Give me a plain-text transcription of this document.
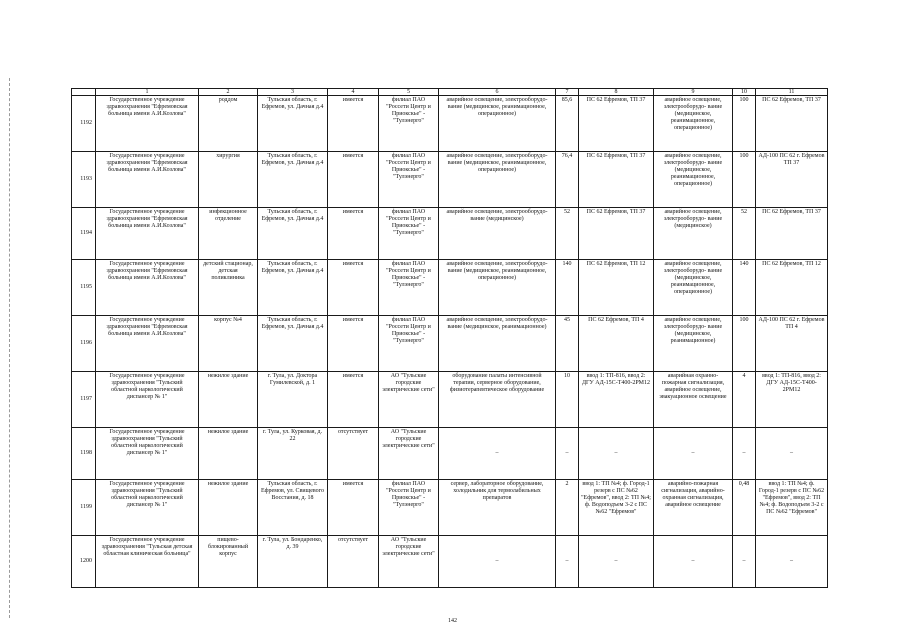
	1	2	3	4	5	6	7	8	9	10	11
1192	Государственное учреждение здравоохранения "Ефремовская больница имени А.И.Козлова"	роддом	Тульская область, г. Ефремов, ул. Дачная д.4	имеется	филиал ПАО "Россети Центр и Приокскье" - "Тулэнерго"	аварийное освещение, электрооборудо- вание (медицинское, реанимационное, операционное)	85,6	ПС 62 Ефремов, ТП 37	аварийное освещение, электрооборудо- вание (медицинское, реанимационное, операционное)	100	ПС 62 Ефремов, ТП 37
1193	Государственное учреждение здравоохранения "Ефремовская больница имени А.И.Козлова"	хирургия	Тульская область, г. Ефремов, ул. Дачная д.4	имеется	филиал ПАО "Россети Центр и Приокскье" - "Тулэнерго"	аварийное освещение, электрооборудо- вание (медицинское, реанимационное, операционное)	76,4	ПС 62 Ефремов, ТП 37	аварийное освещение, электрооборудо- вание (медицинское, реанимационное, операционное)	100	АД-100 ПС 62 г. Ефремов ТП 37
1194	Государственное учреждение здравоохранения "Ефремовская больница имени А.И.Козлова"	инфекционное отделение	Тульская область, г. Ефремов, ул. Дачная д.4	имеется	филиал ПАО "Россети Центр и Приокскье" - "Тулэнерго"	аварийное освещение, электрооборудо- вание (медицинское)	52	ПС 62 Ефремов, ТП 37	аварийное освещение, электрооборудо- вание (медицинское)	52	ПС 62 Ефремов, ТП 37
1195	Государственное учреждение здравоохранения "Ефремовская больница имени А.И.Козлова"	детский стационар, детская поликлиника	Тульская область, г. Ефремов, ул. Дачная д.4	имеется	филиал ПАО "Россети Центр и Приокскье" - "Тулэнерго"	аварийное освещение, электрооборудо- вание (медицинское, реанимационное, операционное)	140	ПС 62 Ефремов, ТП 12	аварийное освещение, электрооборудо- вание (медицинское, реанимационное, операционное)	140	ПС 62 Ефремов, ТП 12
1196	Государственное учреждение здравоохранения "Ефремовская больница имени А.И.Козлова"	корпус №4	Тульская область, г. Ефремов, ул. Дачная д.4	имеется	филиал ПАО "Россети Центр и Приокскье" - "Тулэнерго"	аварийное освещение, электрооборудо- вание (медицинское, реанимационное)	45	ПС 62 Ефремов, ТП 4	аварийное освещение, электрооборудо- вание (медицинское, реанимационное)	100	АД-100 ПС 62 г. Ефремов ТП 4
1197	Государственное учреждение здравоохранения "Тульский областной наркологический диспансер № 1"	нежилое здание	г. Тула, ул. Доктора Гумилевской, д. 1	имеется	АО "Тульские городские электрические сети"	оборудование палаты интенсивной терапии, серверное оборудование, физиотерапевтическое оборудование	10	ввод 1: ТП-816, ввод 2: ДГУ АД-15С-Т400-2РМ12	аварийная охранно-пожарная сигнализация, аварийное освещение, эвакуационное освещение	4	ввод 1: ТП-816, ввод 2: ДГУ АД-15С-Т400-2РМ12
1198	Государственное учреждение здравоохранения "Тульский областной наркологический диспансер № 1"	нежилое здание	г. Тула, ул. Курковая, д. 22	отсутствует	АО "Тульские городские электрические сети"	–	–	–	–	–	–
1199	Государственное учреждение здравоохранения "Тульский областной наркологический диспансер № 1"	нежилое здание	Тульская область, г. Ефремов, ул. Свищевого Восстания, д. 18	имеется	филиал ПАО "Россети Центр и Приокскье" - "Тулэнерго"	сервер, лабораторное оборудование, холодильник для термолабильных препаратов	2	ввод 1: ТП №4; ф. Город-1 резерв с ПС №62 "Ефремов", ввод 2: ТП №4; ф. Водоподъем 3-2 с ПС №62 "Ефремов"	аварийно-пожарная сигнализация, аварийно-охранная сигнализация, аварийное освещение	0,48	ввод 1: ТП №4; ф. Город-1 резерв с ПС №62 "Ефремов", ввод 2: ТП №4; ф. Водоподъем 3-2 с ПС №62 "Ефремов"
1200	Государственное учреждение здравоохранения "Тульская детская областная клиническая больница"	пищево-блокированный корпус	г. Тула, ул. Бондаренко, д. 39	отсутствует	АО "Тульские городские электрические сети"	–	–	–	–	–	–
142
